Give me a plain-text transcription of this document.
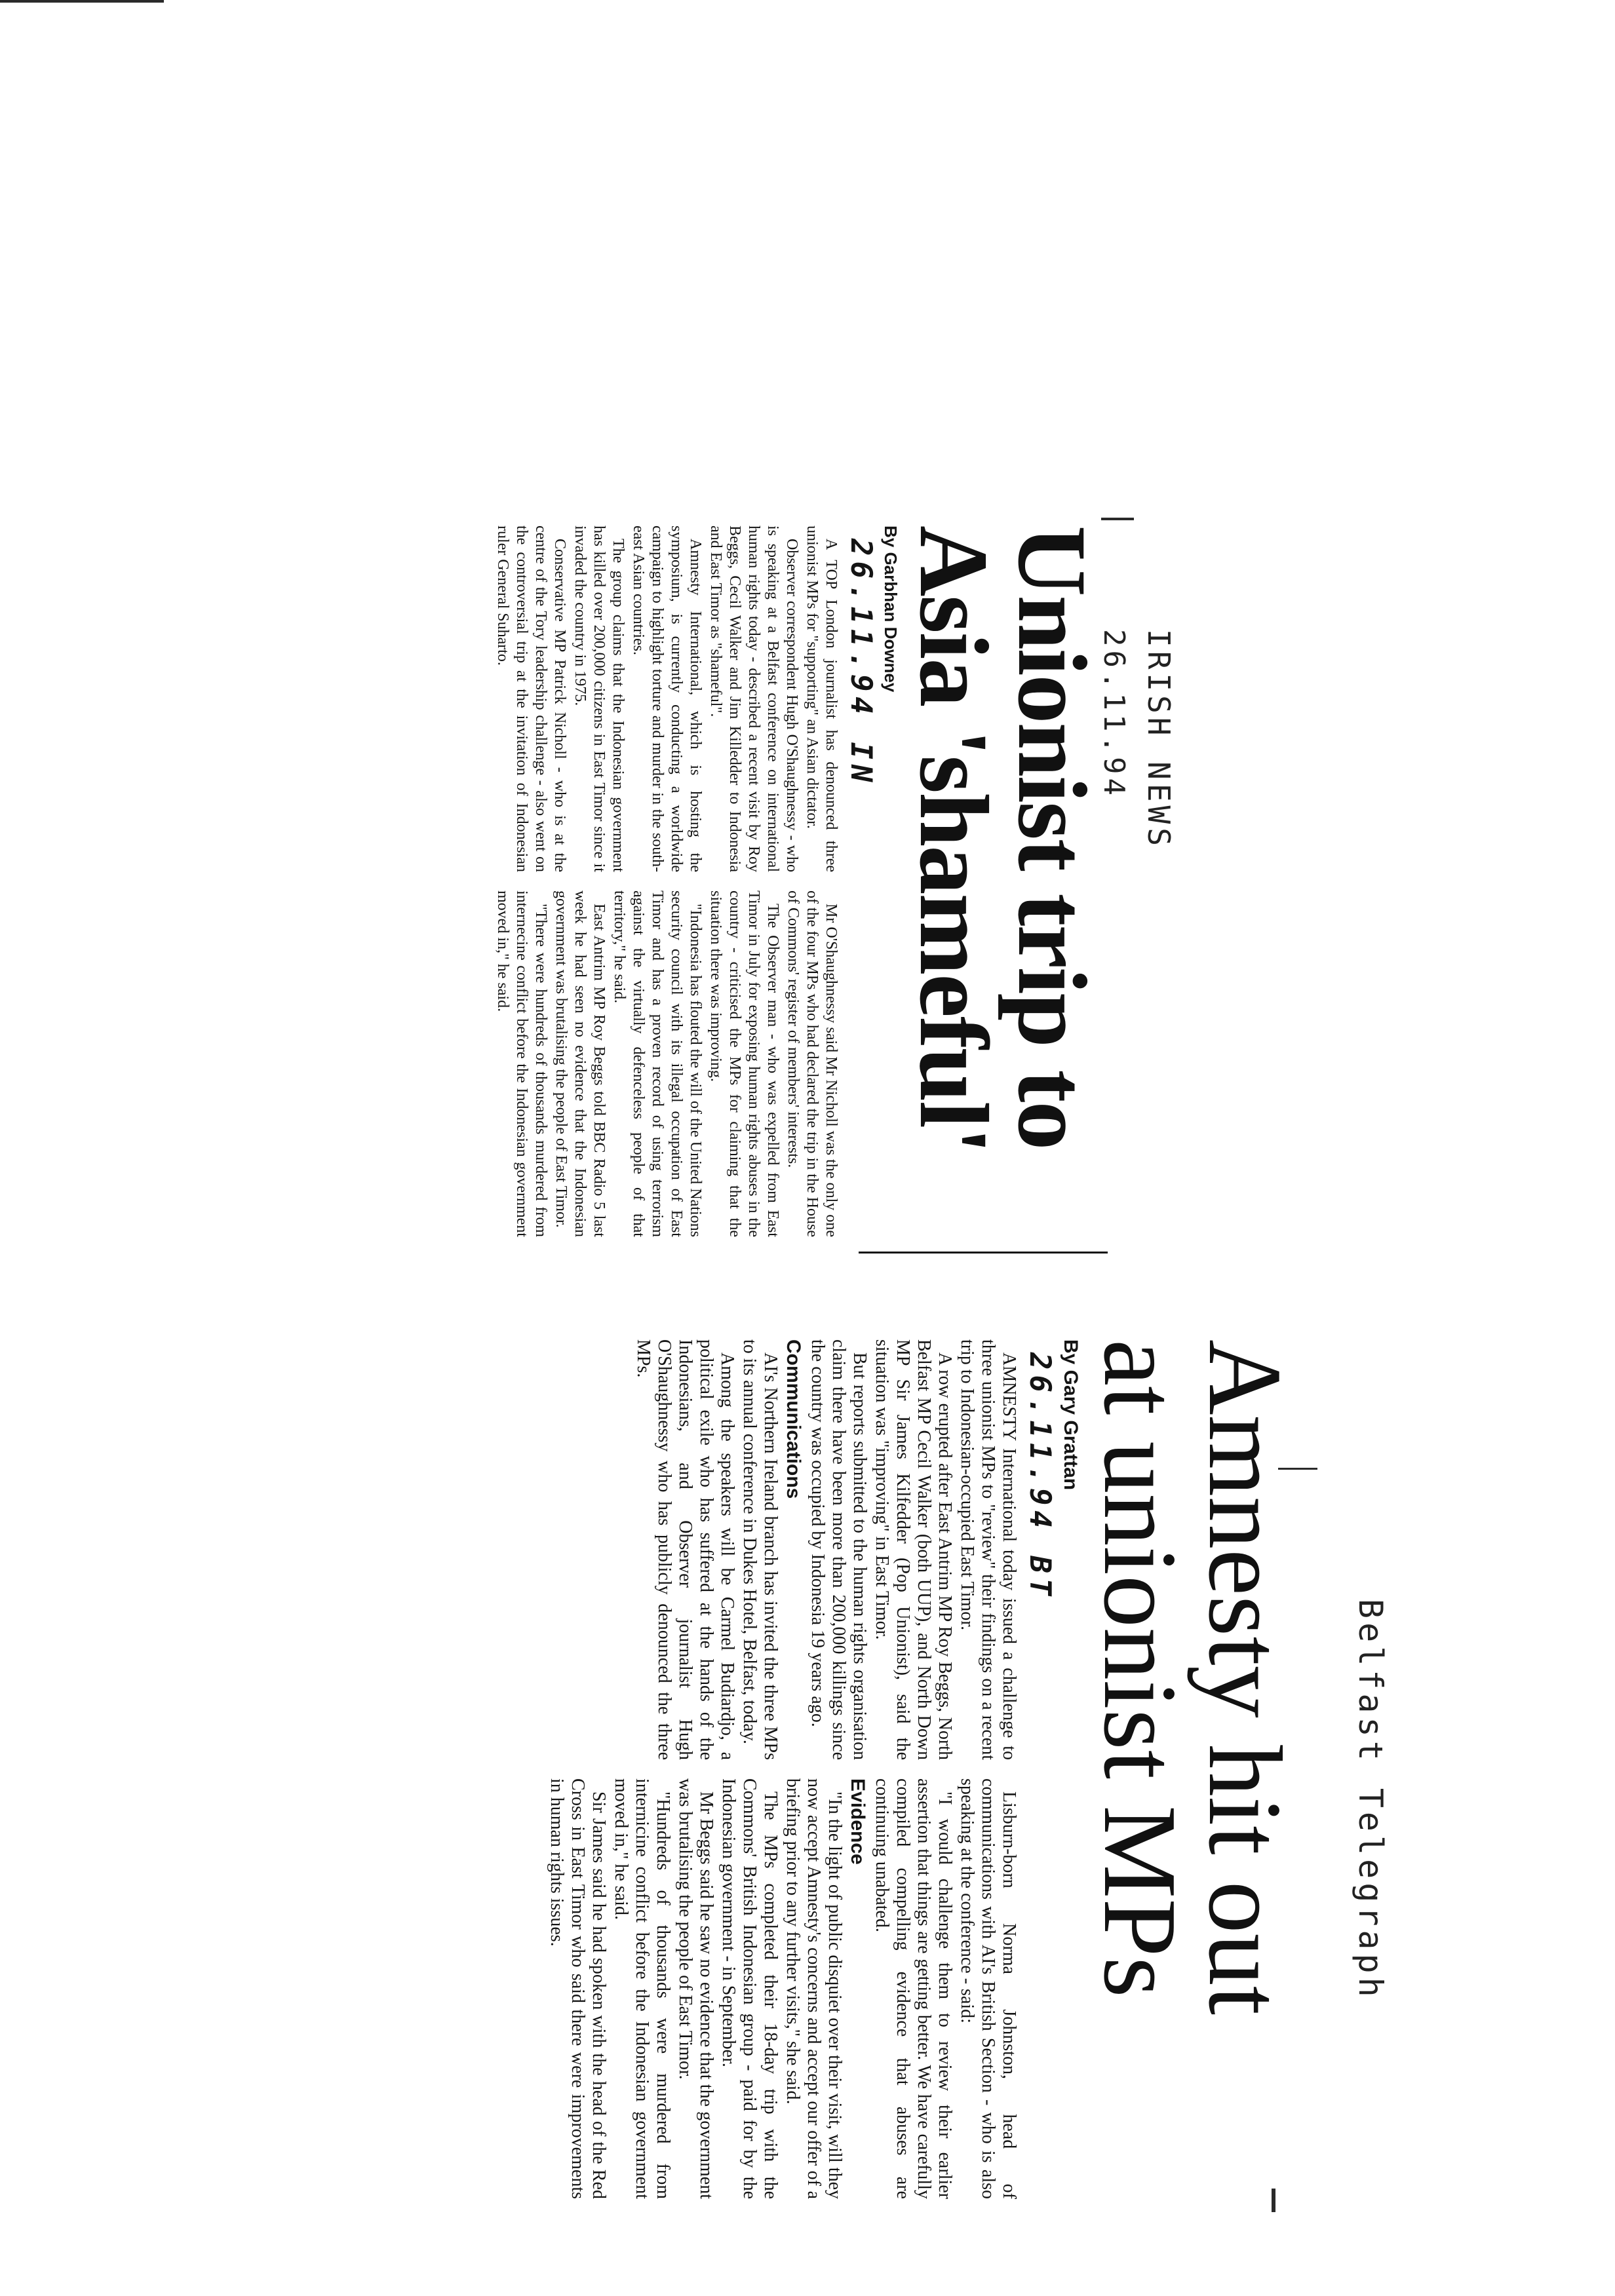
IRISH NEWS
26.11.94
Belfast Telegraph
Unionist trip to
Asia 'shameful'
By Garbhan Downey
26.11.94 IN

A TOP London journalist has denounced three unionist MPs for "supporting" an Asian dictator.

Observer correspondent Hugh O'Shaughnessy - who is speaking at a Belfast conference on international human rights today - described a recent visit by Roy Beggs, Cecil Walker and Jim Killedder to Indonesia and East Timor as "shameful".

Amnesty International, which is hosting the symposium, is currently conducting a worldwide campaign to highlight torture and murder in the south-east Asian countries.

The group claims that the Indonesian government has killed over 200,000 citizens in East Timor since it invaded the country in 1975.

Conservative MP Patrick Nicholl - who is at the centre of the Tory leadership challenge - also went on the controversial trip at the invitation of Indonesian ruler General Suharto.

Mr O'Shaughnessy said Mr Nicholl was the only one of the four MPs who had declared the trip in the House of Commons' register of members' interests.

The Observer man - who was expelled from East Timor in July for exposing human rights abuses in the country - criticised the MPs for claiming that the situation there was improving.

"Indonesia has flouted the will of the United Nations security council with its illegal occupation of East Timor and has a proven record of using terrorism against the virtually defenceless people of that territory," he said.

East Antrim MP Roy Beggs told BBC Radio 5 last week he had seen no evidence that the Indonesian government was brutalising the people of East Timor.

"There were hundreds of thousands murdered from internecine conflict before the Indonesian government moved in," he said.

Amnesty hit out
at unionist MPs
By Gary Grattan
26.11.94 BT

AMNESTY International today issued a challenge to three unionist MPs to "review" their findings on a recent trip to Indonesian-occupied East Timor.

A row erupted after East Antrim MP Roy Beggs, North Belfast MP Cecil Walker (both UUP), and North Down MP Sir James Kilfedder (Pop Unionist), said the situation was "improving" in East Timor.

But reports submitted to the human rights organisation claim there have been more than 200,000 killings since the country was occupied by Indonesia 19 years ago.

Communications

AI's Northern Ireland branch has invited the three MPs to its annual conference in Dukes Hotel, Belfast, today.

Among the speakers will be Carmel Budiardjo, a political exile who has suffered at the hands of the Indonesians, and Observer journalist Hugh O'Shaughnessy who has publicly denounced the three MPs.

Lisburn-born Norma Johnston, head of communications with AI's British Section - who is also speaking at the conference - said:

"I would challenge them to review their earlier assertion that things are getting better. We have carefully compiled compelling evidence that abuses are continuing unabated.

Evidence

"In the light of public disquiet over their visit, will they now accept Amnesty's concerns and accept our offer of a briefing prior to any further visits," she said.

The MPs completed their 18-day trip with the Commons' British Indonesian group - paid for by the Indonesian government - in September.

Mr Beggs said he saw no evidence that the government was brutalising the people of East Timor.

"Hundreds of thousands were murdered from internicine conflict before the Indonesian government moved in," he said.

Sir James said he had spoken with the head of the Red Cross in East Timor who said there were improvements in human rights issues.
